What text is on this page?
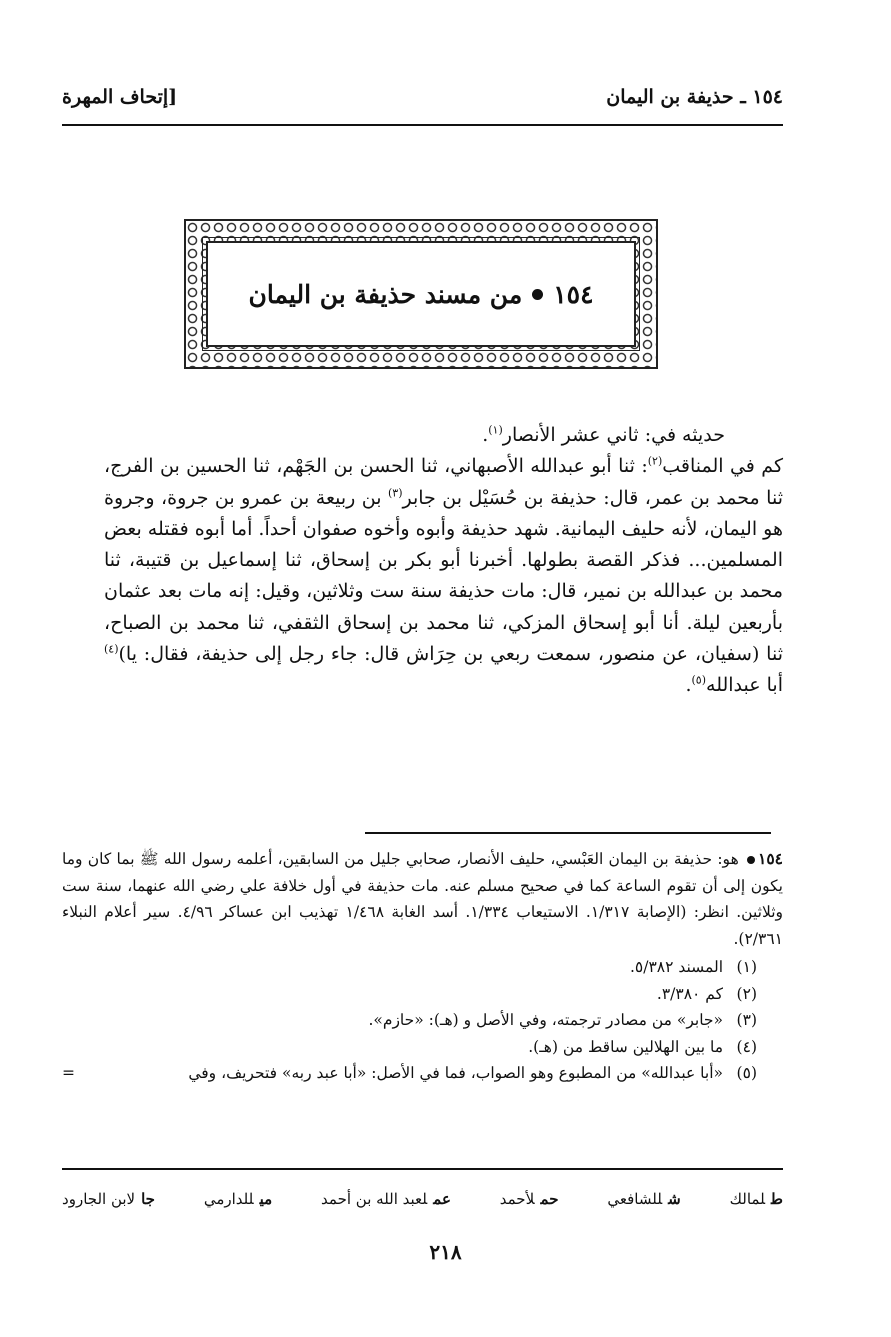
١٥٤ ـ حذيفة بن اليمان
[إتحاف المهرة
١٥٤
من مسند حذيفة بن اليمان

حديثه في: ثاني عشر الأنصار$^{(١)}$.

كم في المناقب$^{(٢)}$: ثنا أبو عبدالله الأصبهاني، ثنا الحسن بن الجَهْم، ثنا الحسين بن الفرج، ثنا محمد بن عمر، قال: حذيفة بن حُسَيْل بن جابر$^{(٣)}$ بن ربيعة بن عمرو بن جروة، وجروة هو اليمان، لأنه حليف اليمانية. شهد حذيفة وأبوه وأخوه صفوان أحداً. أما أبوه فقتله بعض المسلمين... فذكر القصة بطولها. أخبرنا أبو بكر بن إسحاق، ثنا إسماعيل بن قتيبة، ثنا محمد بن عبدالله بن نمير، قال: مات حذيفة سنة ست وثلاثين، وقيل: إنه مات بعد عثمان بأربعين ليلة. أنا أبو إسحاق المزكي، ثنا محمد بن إسحاق الثقفي، ثنا محمد بن الصباح، ثنا (سفيان، عن منصور، سمعت ربعي بن حِرَاش قال: جاء رجل إلى حذيفة، فقال: يا)$^{(٤)}$ أبا عبدالله$^{(٥)}$.

١٥٤ هو: حذيفة بن اليمان العَبْسي، حليف الأنصار، صحابي جليل من السابقين، أعلمه رسول الله ﷺ بما كان وما يكون إلى أن تقوم الساعة كما في صحيح مسلم عنه. مات حذيفة في أول خلافة علي رضي الله عنهما، سنة ست وثلاثين. انظر: (الإصابة ١/٣١٧. الاستيعاب ١/٣٣٤. أسد الغابة ١/٤٦٨ تهذيب ابن عساكر ٤/٩٦. سير أعلام النبلاء ٢/٣٦١).

(١)
المسند ٥/٣٨٢.
(٢)
كم ٣/٣٨٠.
(٣)
«جابر» من مصادر ترجمته، وفي الأصل و (هـ): «حازم».
(٤)
ما بين الهلالين ساقط من (هـ).
(٥)
«أبا عبدالله» من المطبوع وهو الصواب، فما في الأصل: «أبا عبد ربه» فتحريف، وفي
=
طلمالك
شللشافعي
حملأحمد
عملعبد الله بن أحمد
ميللدارمي
جالابن الجارود
٢١٨
